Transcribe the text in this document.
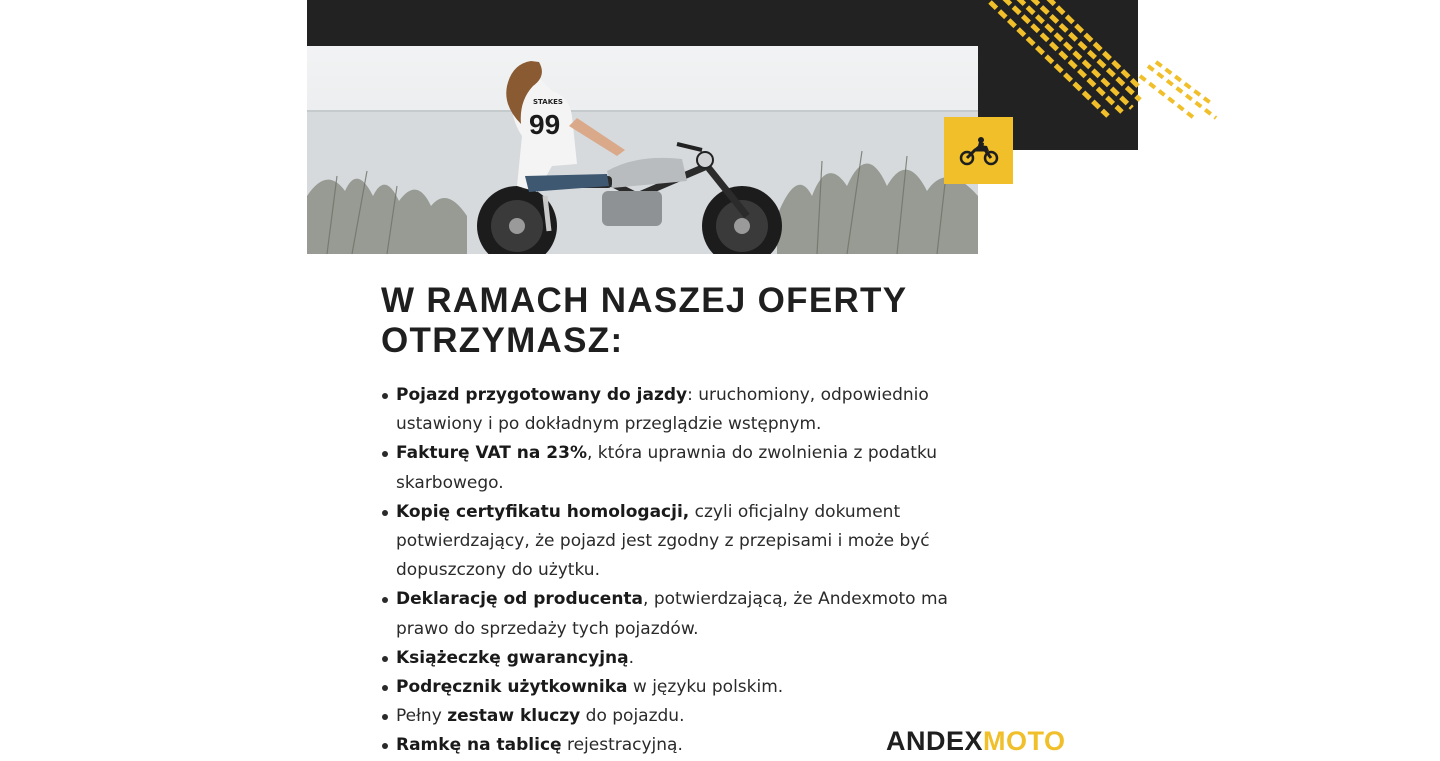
STAKES
99
W RAMACH NASZEJ OFERTY OTRZYMASZ:
Pojazd przygotowany do jazdy: uruchomiony, odpowiednio ustawiony i po dokładnym przeglądzie wstępnym.
Fakturę VAT na 23%, która uprawnia do zwolnienia z podatku skarbowego.
Kopię certyfikatu homologacji, czyli oficjalny dokument potwierdzający, że pojazd jest zgodny z przepisami i może być dopuszczony do użytku.
Deklarację od producenta, potwierdzającą, że Andexmoto ma prawo do sprzedaży tych pojazdów.
Książeczkę gwarancyjną.
Podręcznik użytkownika w języku polskim.
Pełny zestaw kluczy do pojazdu.
Ramkę na tablicę rejestracyjną.	ANDEX MOTO
